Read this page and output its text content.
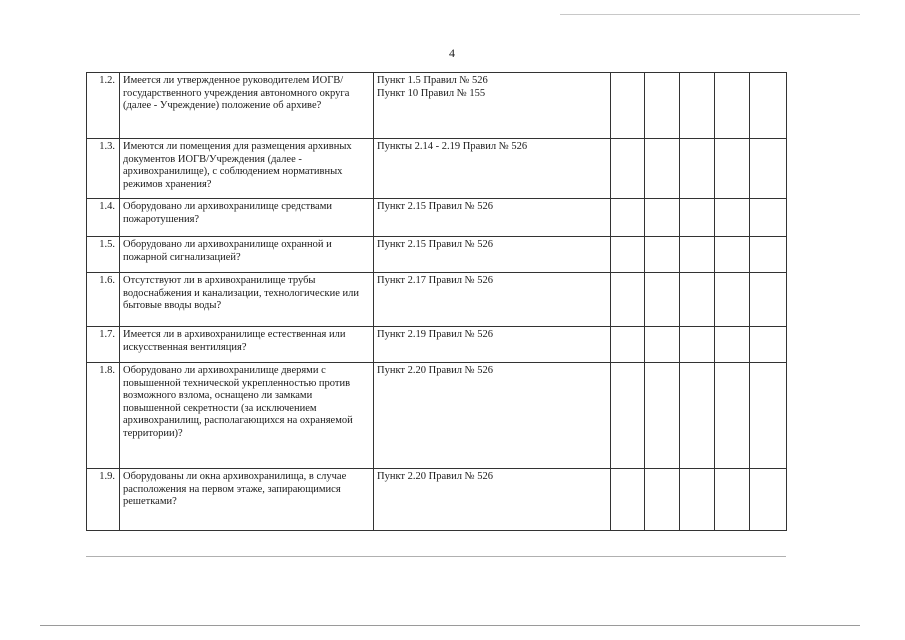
4
1.2.	Имеется ли утвержденное руководителем ИОГВ/государственного учреждения автономного округа (далее - Учреждение) положение об архиве?	Пункт 1.5 Правил № 526
Пункт 10 Правил № 155					

1.3.	Имеются ли помещения для размещения архивных документов ИОГВ/Учреждения (далее - архивохранилище), с соблюдением нормативных режимов хранения?	Пункты 2.14 - 2.19 Правил № 526					

1.4.	Оборудовано ли архивохранилище средствами пожаротушения?	Пункт 2.15 Правил № 526					

1.5.	Оборудовано ли архивохранилище охранной и пожарной сигнализацией?	Пункт 2.15 Правил № 526					

1.6.	Отсутствуют ли в архивохранилище трубы водоснабжения и канализации, технологические или бытовые вводы воды?	Пункт 2.17 Правил № 526					

1.7.	Имеется ли в архивохранилище естественная или искусственная вентиляция?	Пункт 2.19 Правил № 526					

1.8.	Оборудовано ли архивохранилище дверями с повышенной технической укрепленностью против возможного взлома, оснащено ли замками повышенной секретности (за исключением архивохранилищ, располагающихся на охраняемой территории)?	Пункт 2.20 Правил № 526					

1.9.	Оборудованы ли окна архивохранилища, в случае расположения на первом этаже, запирающимися решетками?	Пункт 2.20 Правил № 526					
